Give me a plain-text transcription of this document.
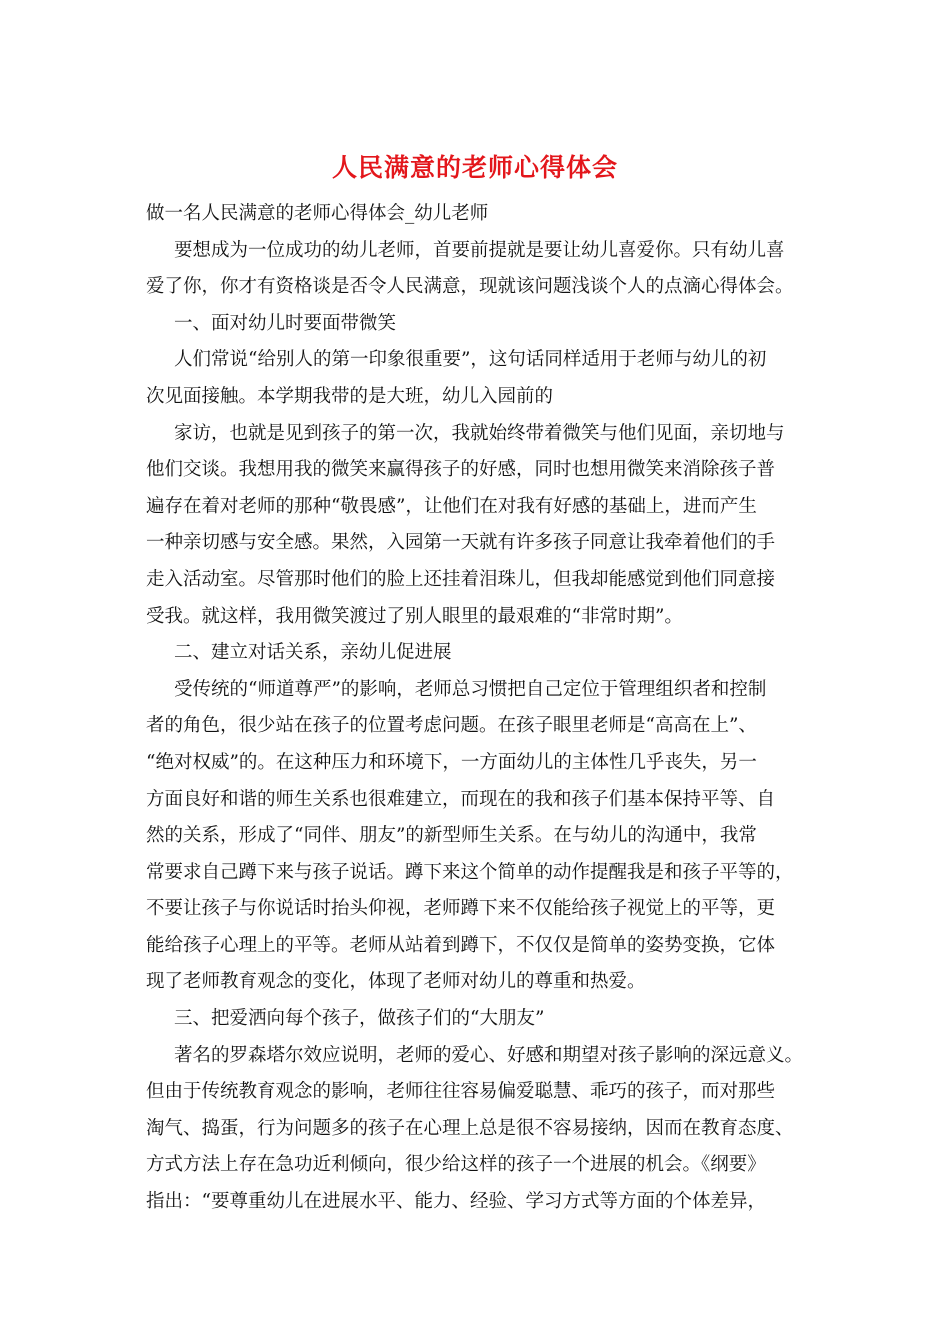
人民满意的老师心得体会
做一名人民满意的老师心得体会_幼儿老师
要想成为一位成功的幼儿老师，首要前提就是要让幼儿喜爱你。只有幼儿喜
爱了你，你才有资格谈是否令人民满意，现就该问题浅谈个人的点滴心得体会。
一、面对幼儿时要面带微笑
人们常说“给别人的第一印象很重要”，这句话同样适用于老师与幼儿的初
次见面接触。本学期我带的是大班，幼儿入园前的
家访，也就是见到孩子的第一次，我就始终带着微笑与他们见面，亲切地与
他们交谈。我想用我的微笑来赢得孩子的好感，同时也想用微笑来消除孩子普
遍存在着对老师的那种“敬畏感”，让他们在对我有好感的基础上，进而产生
一种亲切感与安全感。果然，入园第一天就有许多孩子同意让我牵着他们的手
走入活动室。尽管那时他们的脸上还挂着泪珠儿，但我却能感觉到他们同意接
受我。就这样，我用微笑渡过了别人眼里的最艰难的“非常时期”。
二、建立对话关系，亲幼儿促进展
受传统的“师道尊严”的影响，老师总习惯把自己定位于管理组织者和控制
者的角色，很少站在孩子的位置考虑问题。在孩子眼里老师是“高高在上”、
“绝对权威”的。在这种压力和环境下，一方面幼儿的主体性几乎丧失，另一
方面良好和谐的师生关系也很难建立，而现在的我和孩子们基本保持平等、自
然的关系，形成了“同伴、朋友”的新型师生关系。在与幼儿的沟通中，我常
常要求自己蹲下来与孩子说话。蹲下来这个简单的动作提醒我是和孩子平等的，
不要让孩子与你说话时抬头仰视，老师蹲下来不仅能给孩子视觉上的平等，更
能给孩子心理上的平等。老师从站着到蹲下，不仅仅是简单的姿势变换，它体
现了老师教育观念的变化，体现了老师对幼儿的尊重和热爱。
三、把爱洒向每个孩子，做孩子们的“大朋友”
著名的罗森塔尔效应说明，老师的爱心、好感和期望对孩子影响的深远意义。
但由于传统教育观念的影响，老师往往容易偏爱聪慧、乖巧的孩子，而对那些
淘气、捣蛋，行为问题多的孩子在心理上总是很不容易接纳，因而在教育态度、
方式方法上存在急功近利倾向，很少给这样的孩子一个进展的机会。《纲要》
指出：“要尊重幼儿在进展水平、能力、经验、学习方式等方面的个体差异，
